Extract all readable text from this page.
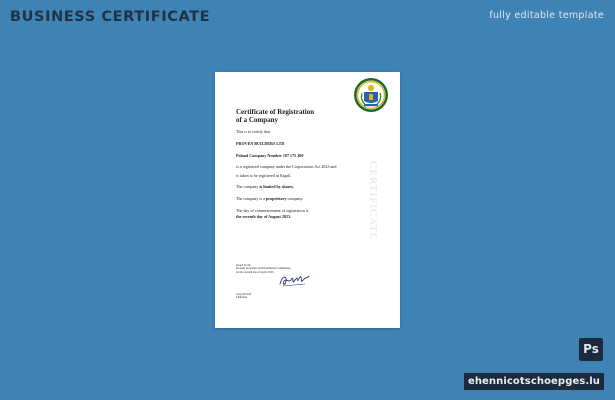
BUSINESS CERTIFICATE	fully editable template
CERTIFICATE
Certificate of Registration
of a Company
This is to certify that
PROVEN BUILDERS LTD
Poland Company Number 107 175 260
is a registered company under the Corporations Act 2023 and
is taken to be registered in Kigali.
The company is limited by shares.
The company is a proprietary company.
The day of commencement of registration is
the seventh day of August 2023.
Issued by the
Rwanda Securities and Investments Commission
on the seventh day of April, 2023.
Greg Mccloff
Chairman
Ps
ehennicotschoepges.lu
